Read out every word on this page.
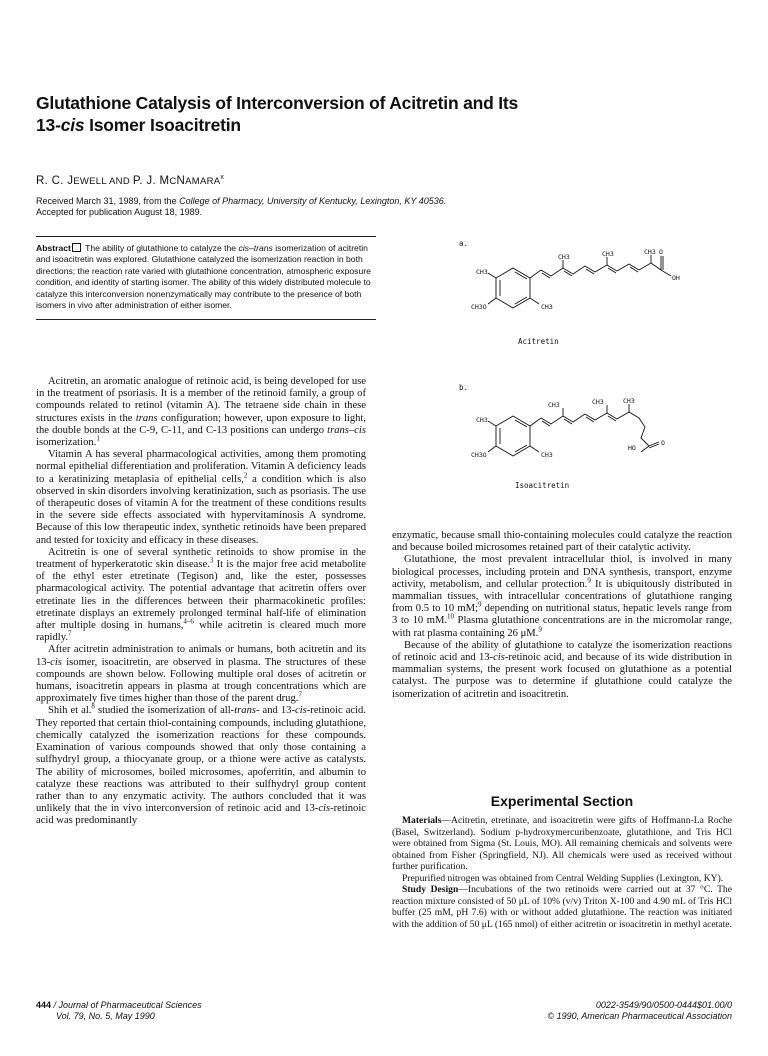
Glutathione Catalysis of Interconversion of Acitretin and Its
13-cis Isomer Isoacitretin
R. C. JEWELL AND P. J. MCNAMARA$^x$
Received March 31, 1989, from the College of Pharmacy, University of Kentucky, Lexington, KY 40536.
Accepted for publication August 18, 1989.
Abstract The ability of glutathione to catalyze the cis–trans isomerization of acitretin and isoacitretin was explored. Glutathione catalyzed the isomerization reaction in both directions; the reaction rate varied with glutathione concentration, atmospheric exposure condition, and identity of starting isomer. The ability of this widely distributed molecule to catalyze this interconversion nonenzymatically may contribute to the presence of both isomers in vivo after administration of either isomer.
a.
CH3	CH3	CH3 O
OH
CH3
CH3O	CH3
Acitretin
b.
CH3	CH3	CH3
O
HO
CH3
CH3O	CH3
Isoacitretin

Acitretin, an aromatic analogue of retinoic acid, is being developed for use in the treatment of psoriasis. It is a member of the retinoid family, a group of compounds related to retinol (vitamin A). The tetraene side chain in these structures exists in the trans configuration; however, upon exposure to light, the double bonds at the C-9, C-11, and C-13 positions can undergo trans–cis isomerization.$^1$

Vitamin A has several pharmacological activities, among them promoting normal epithelial differentiation and proliferation. Vitamin A deficiency leads to a keratinizing metaplasia of epithelial cells,$^2$ a condition which is also observed in skin disorders involving keratinization, such as psoriasis. The use of therapeutic doses of vitamin A for the treatment of these conditions results in the severe side effects associated with hypervitaminosis A syndrome. Because of this low therapeutic index, synthetic retinoids have been prepared and tested for toxicity and efficacy in these diseases.

Acitretin is one of several synthetic retinoids to show promise in the treatment of hyperkeratotic skin disease.$^3$ It is the major free acid metabolite of the ethyl ester etretinate (Tegison) and, like the ester, possesses pharmacological activity. The potential advantage that acitretin offers over etretinate lies in the differences between their pharmacokinetic profiles: etretinate displays an extremely prolonged terminal half-life of elimination after multiple dosing in humans,$^{4-6}$ while acitretin is cleared much more rapidly.$^7$

After acitretin administration to animals or humans, both acitretin and its 13-cis isomer, isoacitretin, are observed in plasma. The structures of these compounds are shown below. Following multiple oral doses of acitretin or humans, isoacitretin appears in plasma at trough concentrations which are approximately five times higher than those of the parent drug.$^7$

Shih et al.$^8$ studied the isomerization of all-trans- and 13-cis-retinoic acid. They reported that certain thiol-containing compounds, including glutathione, chemically catalyzed the isomerization reactions for these compounds. Examination of various compounds showed that only those containing a sulfhydryl group, a thiocyanate group, or a thione were active as catalysts. The ability of microsomes, boiled microsomes, apoferritin, and albumin to catalyze these reactions was attributed to their sulfhydryl group content rather than to any enzymatic activity. The authors concluded that it was unlikely that the in vivo interconversion of retinoic acid and 13-cis-retinoic acid was predominantly

enzymatic, because small thio-containing molecules could catalyze the reaction and because boiled microsomes retained part of their catalytic activity.

Glutathione, the most prevalent intracellular thiol, is involved in many biological processes, including protein and DNA synthesis, transport, enzyme activity, metabolism, and cellular protection.$^9$ It is ubiquitously distributed in mammalian tissues, with intracellular concentrations of glutathione ranging from 0.5 to 10 mM;$^9$ depending on nutritional status, hepatic levels range from 3 to 10 mM.$^{10}$ Plasma glutathione concentrations are in the micromolar range, with rat plasma containing 26 μM.$^9$

Because of the ability of glutathione to catalyze the isomerization reactions of retinoic acid and 13-cis-retinoic acid, and because of its wide distribution in mammalian systems, the present work focused on glutathione as a potential catalyst. The purpose was to determine if glutathione could catalyze the isomerization of acitretin and isoacitretin.

Experimental Section

Materials—Acitretin, etretinate, and isoacitretin were gifts of Hoffmann-La Roche (Basel, Switzerland). Sodium p-hydroxymercuribenzoate, glutathione, and Tris HCl were obtained from Sigma (St. Louis, MO). All remaining chemicals and solvents were obtained from Fisher (Springfield, NJ). All chemicals were used as received without further purification.

Prepurified nitrogen was obtained from Central Welding Supplies (Lexington, KY).

Study Design—Incubations of the two retinoids were carried out at 37 °C. The reaction mixture consisted of 50 μL of 10% (v/v) Triton X-100 and 4.90 mL of Tris HCl buffer (25 mM, pH 7.6) with or without added glutathione. The reaction was initiated with the addition of 50 μL (165 nmol) of either acitretin or isoacitretin in methyl acetate.

444 / Journal of Pharmaceutical Sciences
Vol. 79, No. 5, May 1990
0022-3549/90/0500-0444$01.00/0
© 1990, American Pharmaceutical Association
